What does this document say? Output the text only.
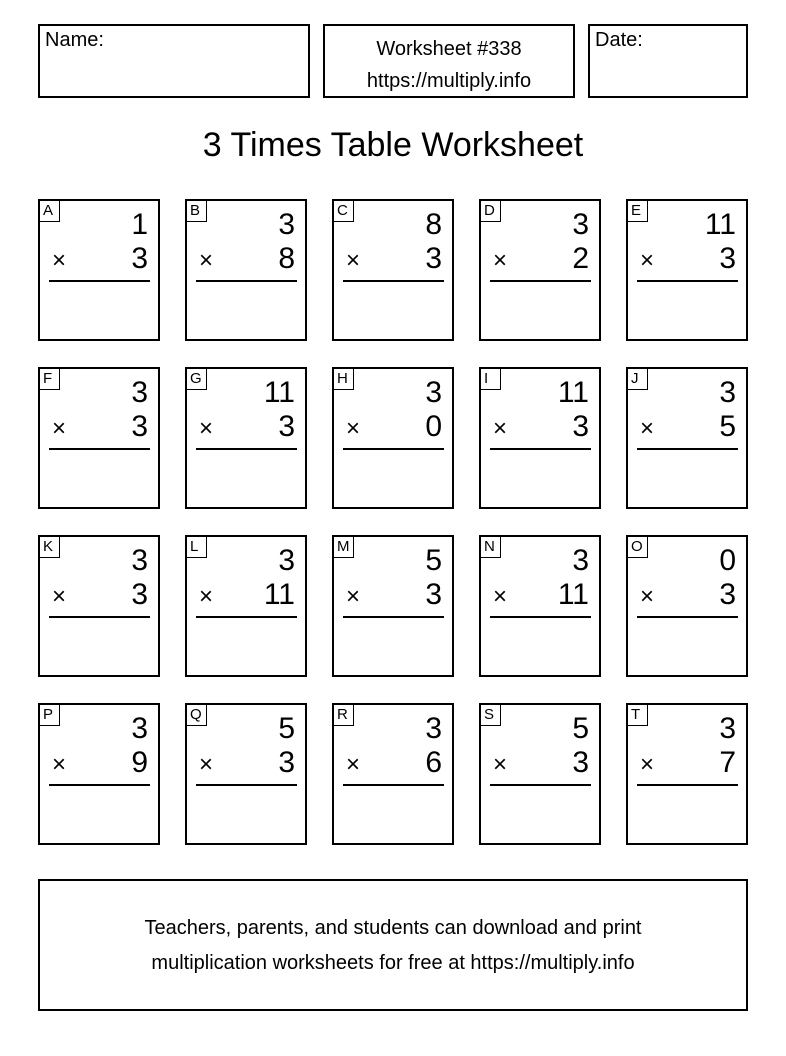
Name:	Worksheet #338
https://multiply.info
Date:
3 Times Table Worksheet
A	1
× 3
B	3
× 8
C	8
× 3
D	3
× 2
E 11
× 3
F	3
× 3
G 11
× 3
H	3
× 0
I	11
× 3
J	3
× 5
K	3
× 3
L	3
× 11
M	5
× 3
N	3
× 11
O	0
× 3
P	3
× 9
Q	5
× 3
R	3
× 6
S	5
× 3
T	3
× 7
Teachers, parents, and students can download and print
multiplication worksheets for free at https://multiply.info
